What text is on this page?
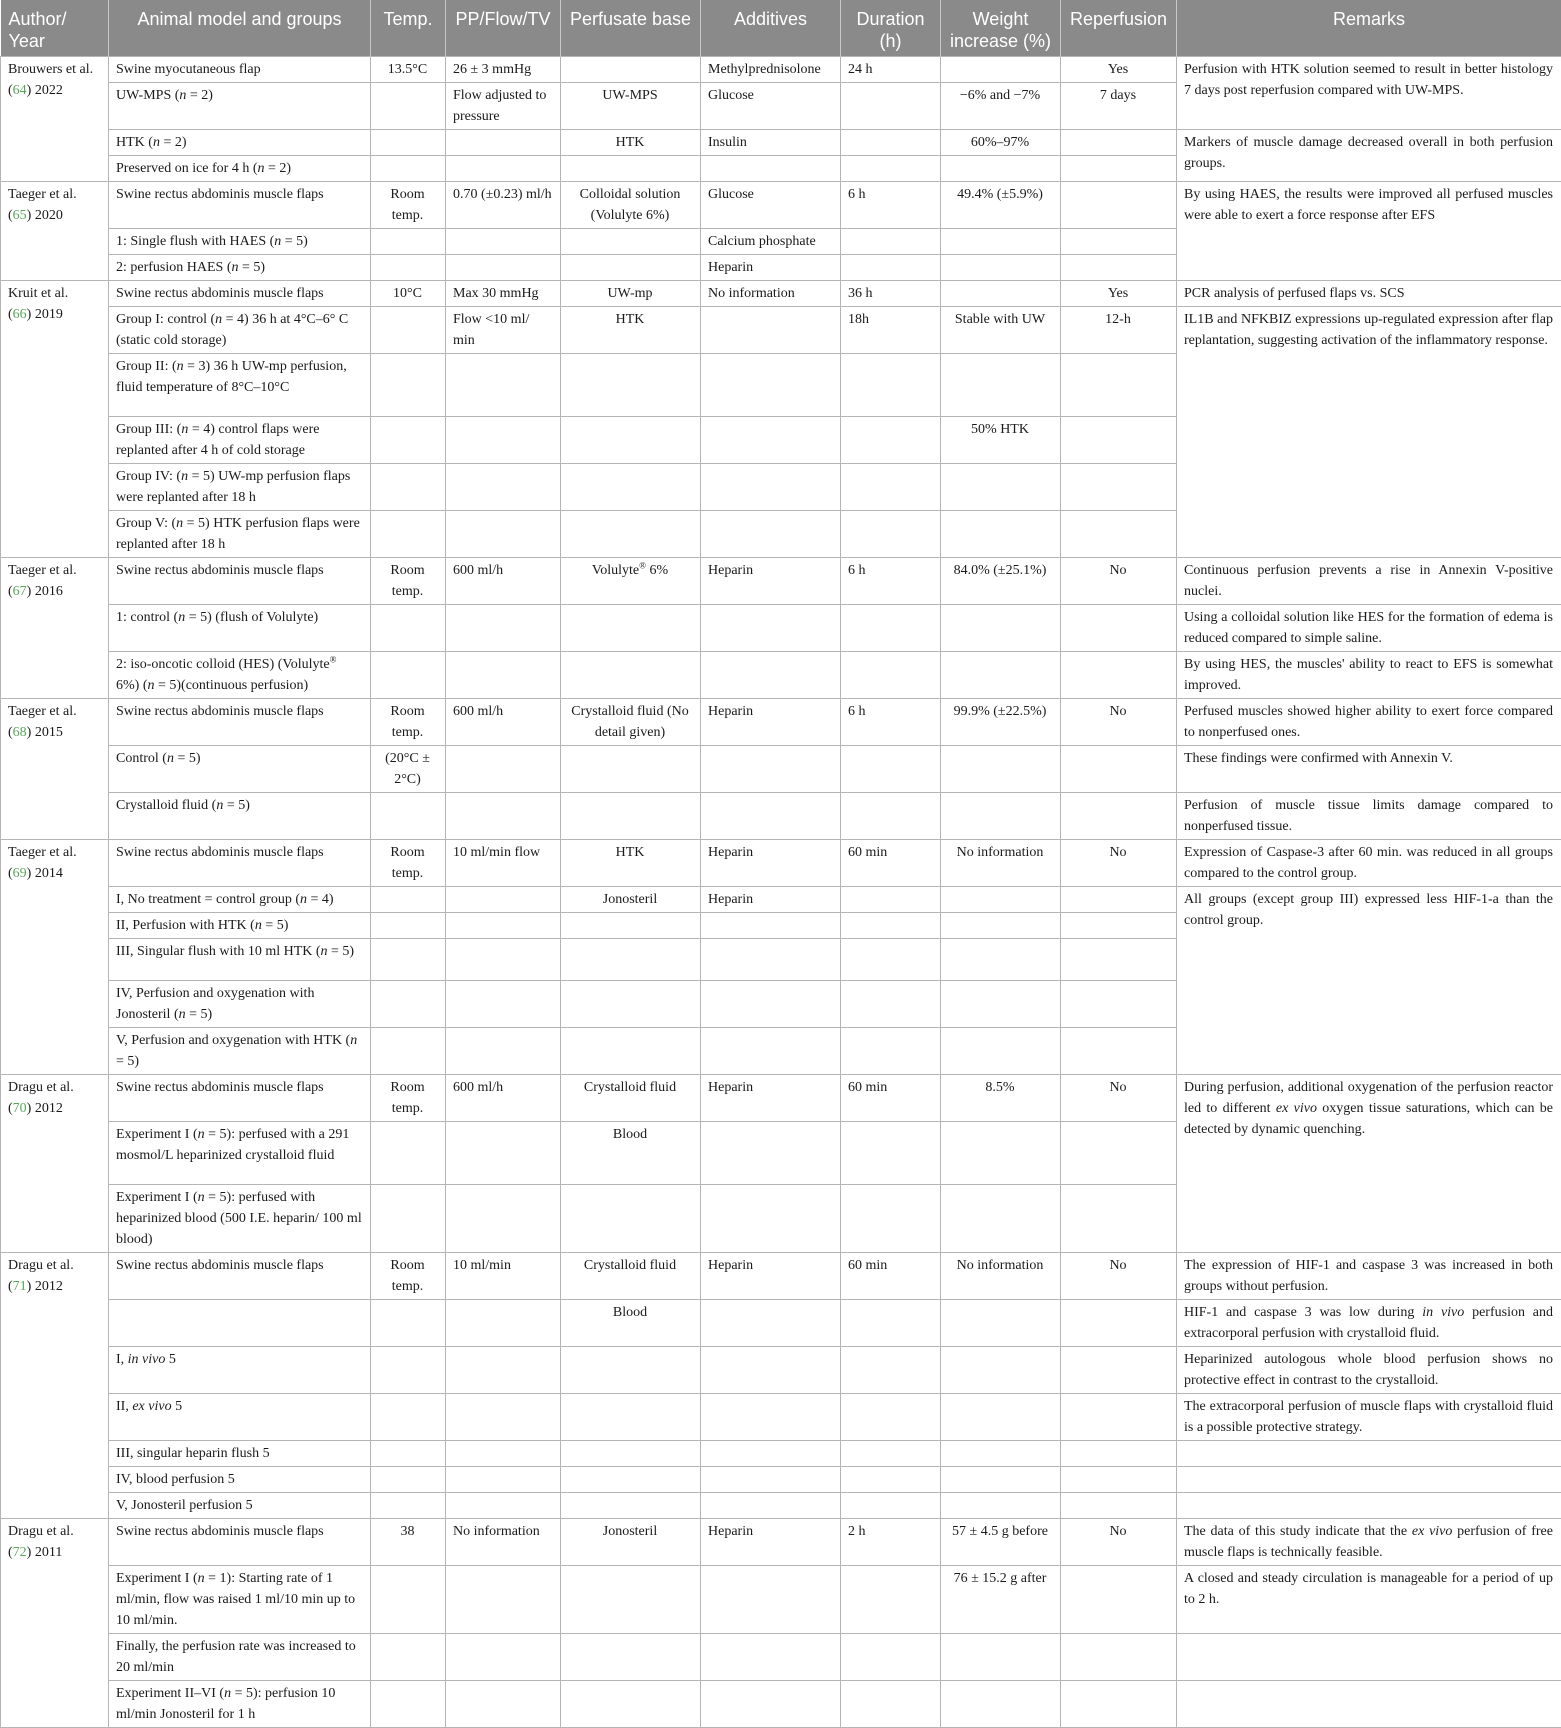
Author/ Year	Animal model and groups	Temp.	PP/Flow/TV	Perfusate base	Additives	Duration (h)	Weight increase (%)	Reperfusion	Remarks
Brouwers et al.
(64) 2022	Swine myocutaneous flap	13.5°C	26 ± 3 mmHg		Methylprednisolone	24 h		Yes	Perfusion with HTK solution seemed to result in better histology 7 days post reperfusion compared with UW-MPS.
	UW-MPS (n = 2)		Flow adjusted to pressure	UW-MPS	Glucose		−6% and −7%	7 days	
	HTK (n = 2)			HTK	Insulin		60%–97%		Markers of muscle damage decreased overall in both perfusion groups.
	Preserved on ice for 4 h (n = 2)								
Taeger et al.
(65) 2020	Swine rectus abdominis muscle flaps	Room temp.	0.70 (±0.23) ml/h	Colloidal solution (Volulyte 6%)	Glucose	6 h	49.4% (±5.9%)		By using HAES, the results were improved all perfused muscles were able to exert a force response after EFS
	1: Single flush with HAES (n = 5)				Calcium phosphate				
	2: perfusion HAES (n = 5)				Heparin				
Kruit et al.
(66) 2019	Swine rectus abdominis muscle flaps	10°C	Max 30 mmHg	UW-mp	No information	36 h		Yes	PCR analysis of perfused flaps vs. SCS
	Group I: control (n = 4) 36 h at 4°C–6° C (static cold storage)		Flow <10 ml/ min	HTK		18h	Stable with UW	12-h	IL1B and NFKBIZ expressions up-regulated expression after flap replantation, suggesting activation of the inflammatory response.
	Group II: (n = 3) 36 h UW-mp perfusion, fluid temperature of 8°C–10°C								
	Group III: (n = 4) control flaps were replanted after 4 h of cold storage						50% HTK		
	Group IV: (n = 5) UW-mp perfusion flaps were replanted after 18 h								
	Group V: (n = 5) HTK perfusion flaps were replanted after 18 h								
Taeger et al.
(67) 2016	Swine rectus abdominis muscle flaps	Room temp.	600 ml/h	Volulyte® 6%	Heparin	6 h	84.0% (±25.1%)	No	Continuous perfusion prevents a rise in Annexin V-positive nuclei.
	1: control (n = 5) (flush of Volulyte)								Using a colloidal solution like HES for the formation of edema is reduced compared to simple saline.
	2: iso-oncotic colloid (HES) (Volulyte® 6%) (n = 5)(continuous perfusion)								By using HES, the muscles' ability to react to EFS is somewhat improved.
Taeger et al.
(68) 2015	Swine rectus abdominis muscle flaps	Room temp.	600 ml/h	Crystalloid fluid (No detail given)	Heparin	6 h	99.9% (±22.5%)	No	Perfused muscles showed higher ability to exert force compared to nonperfused ones.
	Control (n = 5)	(20°C ± 2°C)							These findings were confirmed with Annexin V.
	Crystalloid fluid (n = 5)								Perfusion of muscle tissue limits damage compared to nonperfused tissue.
Taeger et al.
(69) 2014	Swine rectus abdominis muscle flaps	Room temp.	10 ml/min flow	HTK	Heparin	60 min	No information	No	Expression of Caspase-3 after 60 min. was reduced in all groups compared to the control group.
	I, No treatment = control group (n = 4)			Jonosteril	Heparin				All groups (except group III) expressed less HIF-1-a than the control group.
	II, Perfusion with HTK (n = 5)								
	III, Singular flush with 10 ml HTK (n = 5)								
	IV, Perfusion and oxygenation with Jonosteril (n = 5)								
	V, Perfusion and oxygenation with HTK (n = 5)								
Dragu et al.
(70) 2012	Swine rectus abdominis muscle flaps	Room temp.	600 ml/h	Crystalloid fluid	Heparin	60 min	8.5%	No	During perfusion, additional oxygenation of the perfusion reactor led to different ex vivo oxygen tissue saturations, which can be detected by dynamic quenching.
	Experiment I (n = 5): perfused with a 291 mosmol/L heparinized crystalloid fluid			Blood					
	Experiment I (n = 5): perfused with heparinized blood (500 I.E. heparin/ 100 ml blood)								
Dragu et al.
(71) 2012	Swine rectus abdominis muscle flaps	Room temp.	10 ml/min	Crystalloid fluid	Heparin	60 min	No information	No	The expression of HIF-1 and caspase 3 was increased in both groups without perfusion.
				Blood					HIF-1 and caspase 3 was low during in vivo perfusion and extracorporal perfusion with crystalloid fluid.
	I, in vivo 5								Heparinized autologous whole blood perfusion shows no protective effect in contrast to the crystalloid.
	II, ex vivo 5								The extracorporal perfusion of muscle flaps with crystalloid fluid is a possible protective strategy.
	III, singular heparin flush 5								
	IV, blood perfusion 5								
	V, Jonosteril perfusion 5								
Dragu et al.
(72) 2011	Swine rectus abdominis muscle flaps	38	No information	Jonosteril	Heparin	2 h	57 ± 4.5 g before	No	The data of this study indicate that the ex vivo perfusion of free muscle flaps is technically feasible.
	Experiment I (n = 1): Starting rate of 1 ml/min, flow was raised 1 ml/10 min up to 10 ml/min.						76 ± 15.2 g after		A closed and steady circulation is manageable for a period of up to 2 h.
	Finally, the perfusion rate was increased to 20 ml/min								
	Experiment II–VI (n = 5): perfusion 10 ml/min Jonosteril for 1 h								
